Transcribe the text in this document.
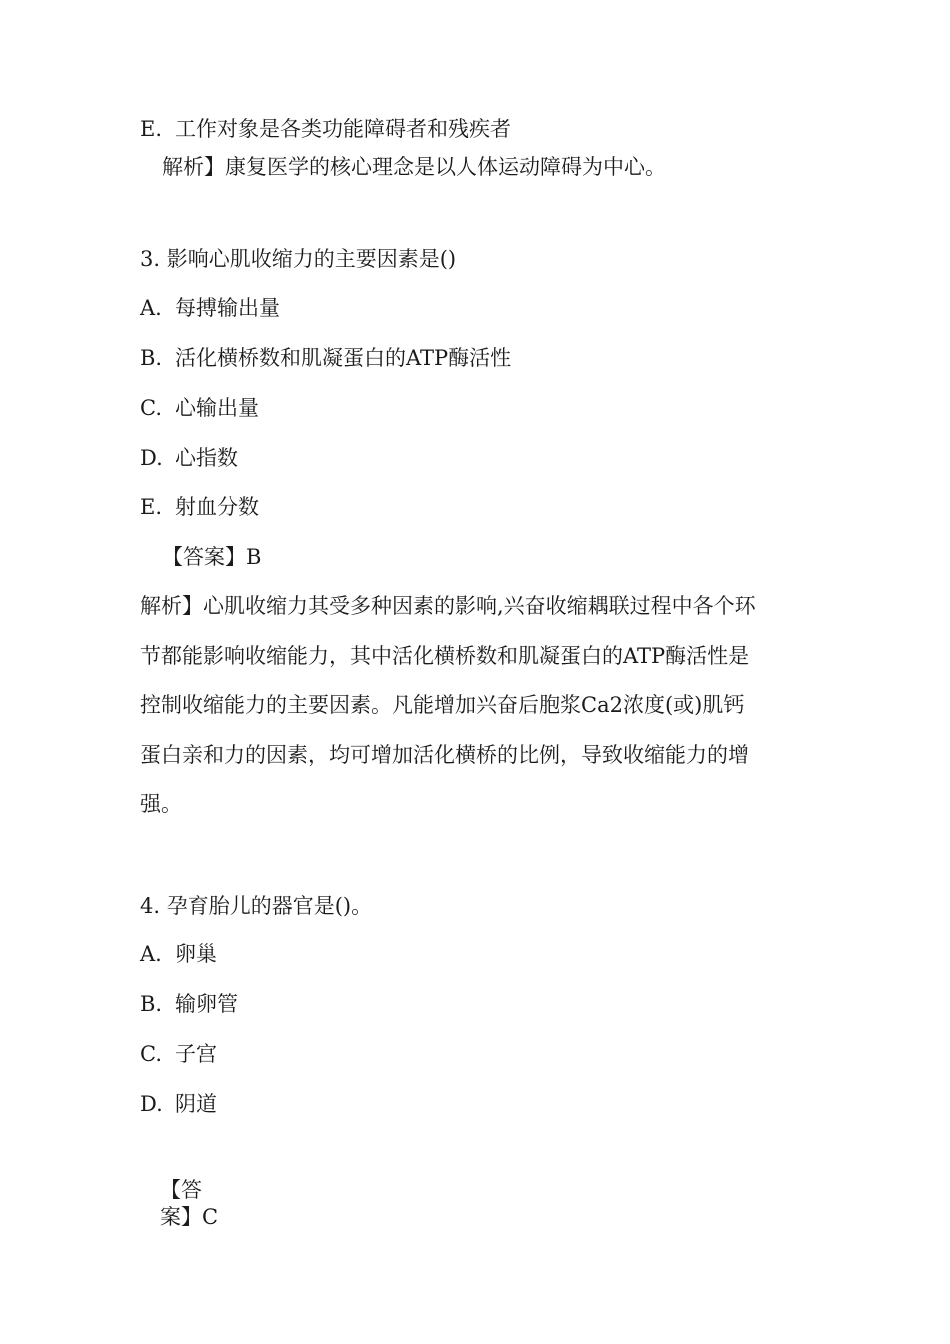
E. 工作对象是各类功能障碍者和残疾者
解析】康复医学的核心理念是以人体运动障碍为中心。
3. 影响心肌收缩力的主要因素是()
A. 每搏输出量
B. 活化横桥数和肌凝蛋白的ATP酶活性
C. 心输出量
D. 心指数
E. 射血分数
【答案】B
解析】心肌收缩力其受多种因素的影响,兴奋收缩耦联过程中各个环
节都能影响收缩能力，其中活化横桥数和肌凝蛋白的ATP酶活性是
控制收缩能力的主要因素。凡能增加兴奋后胞浆Ca2浓度(或)肌钙
蛋白亲和力的因素，均可增加活化横桥的比例，导致收缩能力的增
强。
4. 孕育胎儿的器官是()。
A. 卵巢
B. 输卵管
C. 子宫
D. 阴道
【答
案】C
